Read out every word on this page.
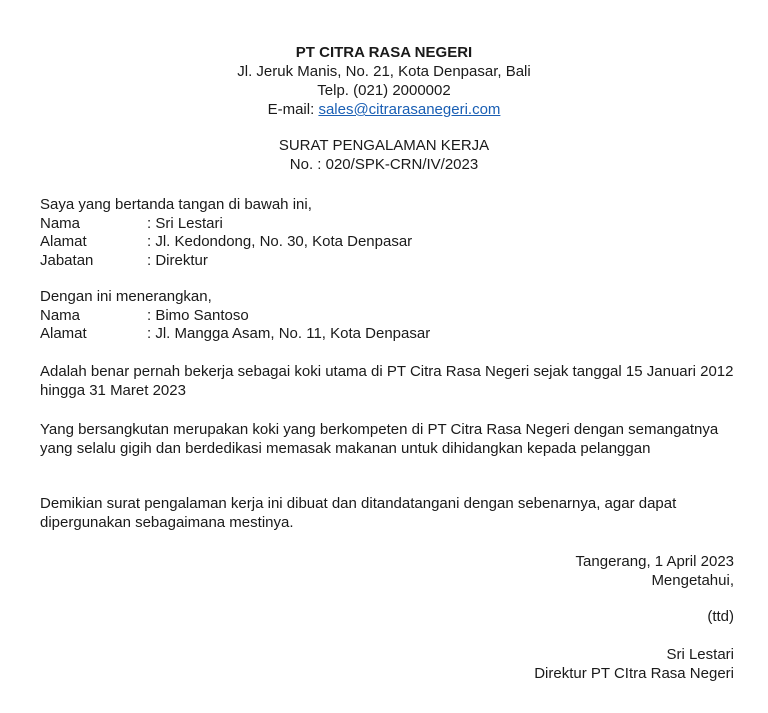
PT CITRA RASA NEGERI
Jl. Jeruk Manis, No. 21, Kota Denpasar, Bali
Telp. (021) 2000002
E-mail: sales@citrarasanegeri.com
SURAT PENGALAMAN KERJA
No. : 020/SPK-CRN/IV/2023
Saya yang bertanda tangan di bawah ini,
Nama	: Sri Lestari
Alamat	: Jl. Kedondong, No. 30, Kota Denpasar
Jabatan	: Direktur
Dengan ini menerangkan,
Nama	: Bimo Santoso
Alamat	: Jl. Mangga Asam, No. 11, Kota Denpasar
Adalah benar pernah bekerja sebagai koki utama di PT Citra Rasa Negeri sejak tanggal 15 Januari 2012 hingga 31 Maret 2023
Yang bersangkutan merupakan koki yang berkompeten di PT Citra Rasa Negeri dengan semangatnya yang selalu gigih dan berdedikasi memasak makanan untuk dihidangkan kepada pelanggan
Demikian surat pengalaman kerja ini dibuat dan ditandatangani dengan sebenarnya, agar dapat dipergunakan sebagaimana mestinya.
Tangerang, 1 April 2023
Mengetahui,
(ttd)
Sri Lestari
Direktur PT CItra Rasa Negeri
